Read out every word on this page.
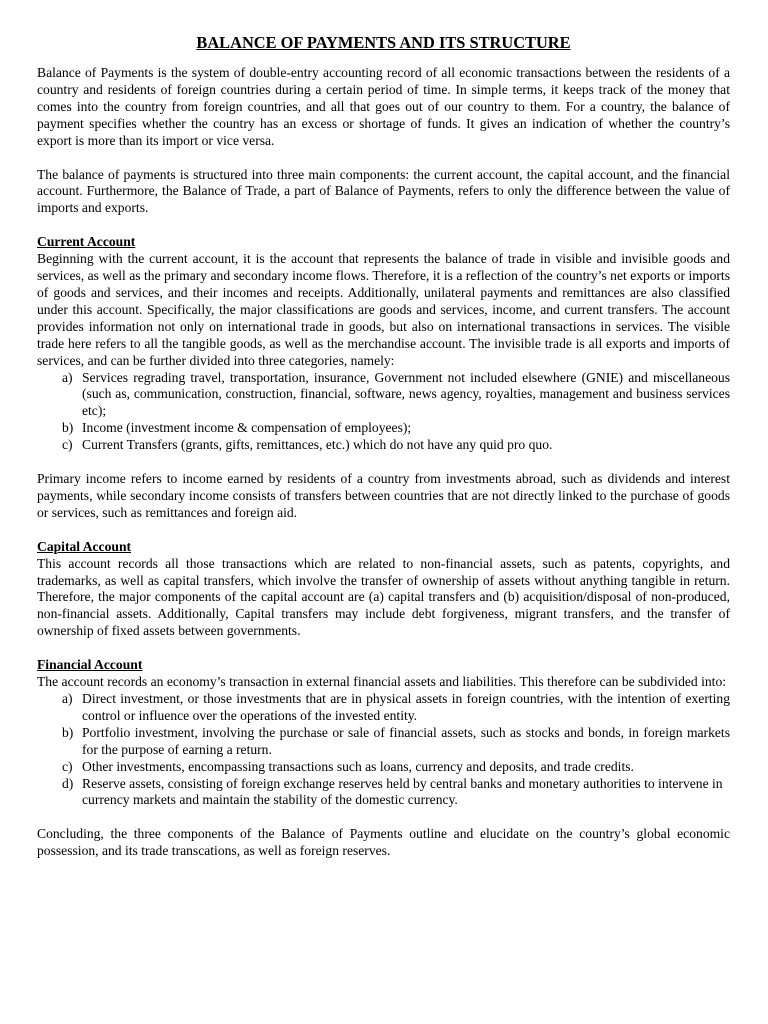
BALANCE OF PAYMENTS AND ITS STRUCTURE

Balance of Payments is the system of double-entry accounting record of all economic transactions between the residents of a country and residents of foreign countries during a certain period of time. In simple terms, it keeps track of the money that comes into the country from foreign countries, and all that goes out of our country to them. For a country, the balance of payment specifies whether the country has an excess or shortage of funds. It gives an indication of whether the country’s export is more than its import or vice versa.

The balance of payments is structured into three main components: the current account, the capital account, and the financial account. Furthermore, the Balance of Trade, a part of Balance of Payments, refers to only the difference between the value of imports and exports.

Current Account

Beginning with the current account, it is the account that represents the balance of trade in visible and invisible goods and services, as well as the primary and secondary income flows. Therefore, it is a reflection of the country’s net exports or imports of goods and services, and their incomes and receipts. Additionally, unilateral payments and remittances are also classified under this account. Specifically, the major classifications are goods and services, income, and current transfers. The account provides information not only on international trade in goods, but also on international transactions in services. The visible trade here refers to all the tangible goods, as well as the merchandise account. The invisible trade is all exports and imports of services, and can be further divided into three categories, namely:

a) Services regrading travel, transportation, insurance, Government not included elsewhere (GNIE) and miscellaneous (such as, communication, construction, financial, software, news agency, royalties, management and business services etc);
b) Income (investment income & compensation of employees);
c) Current Transfers (grants, gifts, remittances, etc.) which do not have any quid pro quo.

Primary income refers to income earned by residents of a country from investments abroad, such as dividends and interest payments, while secondary income consists of transfers between countries that are not directly linked to the purchase of goods or services, such as remittances and foreign aid.

Capital Account

This account records all those transactions which are related to non-financial assets, such as patents, copyrights, and trademarks, as well as capital transfers, which involve the transfer of ownership of assets without anything tangible in return. Therefore, the major components of the capital account are (a) capital transfers and (b) acquisition/disposal of non-produced, non-financial assets. Additionally, Capital transfers may include debt forgiveness, migrant transfers, and the transfer of ownership of fixed assets between governments.

Financial Account

The account records an economy’s transaction in external financial assets and liabilities. This therefore can be subdivided into:

a) Direct investment, or those investments that are in physical assets in foreign countries, with the intention of exerting control or influence over the operations of the invested entity.
b) Portfolio investment, involving the purchase or sale of financial assets, such as stocks and bonds, in foreign markets for the purpose of earning a return.
c) Other investments, encompassing transactions such as loans, currency and deposits, and trade credits.
d) Reserve assets, consisting of foreign exchange reserves held by central banks and monetary authorities to intervene in currency markets and maintain the stability of the domestic currency.

Concluding, the three components of the Balance of Payments outline and elucidate on the country’s global economic possession, and its trade transcations, as well as foreign reserves.
